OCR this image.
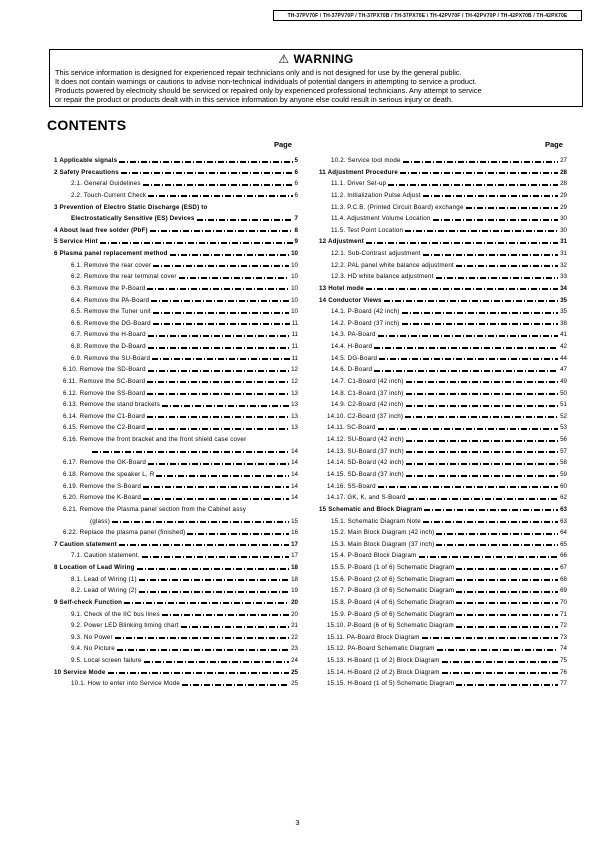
TH-37PV70F / TH-37PV70P / TH-37PX70B / TH-37PX70E / TH-42PV70F / TH-42PV70P / TH-42PX70B / TH-42PX70E
⚠ WARNING
This service information is designed for experienced repair technicians only and is not designed for use by the general public.
It does not contain warnings or cautions to advise non-technical individuals of potential dangers in attempting to service a product.
Products powered by electricity should be serviced or repaired only by experienced professional technicians. Any attempt to service
or repair the product or products dealt with in this service information by anyone else could result in serious injury or death.
CONTENTS
Page	Page
1 Applicable signals	5
2 Safety Precautions	6
2.1. General Guidelines	6
2.2. Touch-Current Check	6
3 Prevention of Electro Static Discharge (ESD) to
Electrostatically Sensitive (ES) Devices	7
4 About lead free solder (PbF)	8
5 Service Hint	9
6 Plasma panel replacement method	10
6.1. Remove the rear cover	10
6.2. Remove the rear terminal cover	10
6.3. Remove the P-Board	10
6.4. Remove the PA-Board	10
6.5. Remove the Tuner unit	10
6.6. Remove the DG-Board	11
6.7. Remove the H-Board	11
6.8. Remove the D-Board	11
6.9. Remove the SU-Board	11
6.10. Remove the SD-Board	12
6.11. Remove the SC-Board	12
6.12. Remove the SS-Board	13
6.13. Remove the stand brackets	13
6.14. Remove the C1-Board	13
6.15. Remove the C2-Board	13
6.16. Remove the front bracket and the front shield case cover
14
6.17. Remove the GK-Board	14
6.18. Remove the speaker L, R	14
6.19. Remove the S-Board	14
6.20. Remove the K-Board	14
6.21. Remove the Plasma panel section from the Cabinet assy
(glass)	15
6.22. Replace the plasma panel (finished)	16
7 Caution statement	17
7.1. Caution statement.	17
8 Location of Lead Wiring	18
8.1. Lead of Wiring (1)	18
8.2. Lead of Wiring (2)	19
9 Self-check Function	20
9.1. Check of the IIC bus lines	20
9.2. Power LED Blinking timing chart	21
9.3. No Power	22
9.4. No Picture	23
9.5. Local screen failure	24
10 Service Mode	25
10.1. How to enter into Service Mode	25
10.2. Service tool mode	27
11 Adjustment Procedure	28
11.1. Driver Set-up	28
11.2. Initialization Pulse Adjust	29
11.3. P.C.B. (Printed Circuit Board) exchange	29
11.4. Adjustment Volume Location	30
11.5. Test Point Location	30
12 Adjustment	31
12.1. Sub-Contrast adjustment	31
12.2. PAL panel white balance adjustment	32
12.3. HD white balance adjustment	33
13 Hotel mode	34
14 Conductor Views	35
14.1. P-Board (42 inch)	35
14.2. P-Board (37 inch)	38
14.3. PA-Board	41
14.4. H-Board	42
14.5. DG-Board	44
14.6. D-Board	47
14.7. C1-Board (42 inch)	49
14.8. C1-Board (37 inch)	50
14.9. C2-Board (42 inch)	51
14.10. C2-Board (37 inch)	52
14.11. SC-Board	53
14.12. SU-Board (42 inch)	56
14.13. SU-Board (37 inch)	57
14.14. SD-Board (42 inch)	58
14.15. SD-Board (37 inch)	59
14.16. SS-Board	60
14.17. GK, K, and S-Board	62
15 Schematic and Block Diagram	63
15.1. Schematic Diagram Note	63
15.2. Main Block Diagram (42 inch)	64
15.3. Main Block Diagram (37 inch)	65
15.4. P-Board Block Diagram	66
15.5. P-Board (1 of 6) Schematic Diagram	67
15.6. P-Board (2 of 6) Schematic Diagram	68
15.7. P-Board (3 of 6) Schematic Diagram	69
15.8. P-Board (4 of 6) Schematic Diagram	70
15.9. P-Board (5 of 6) Schematic Diagram	71
15.10. P-Board (6 of 6) Schematic Diagram	72
15.11. PA-Board Block Diagram	73
15.12. PA-Board Schematic Diagram	74
15.13. H-Board (1 of 2) Block Diagram	75
15.14. H-Board (2 of 2) Block Diagram	76
15.15. H-Board (1 of 5) Schematic Diagram	77
3
